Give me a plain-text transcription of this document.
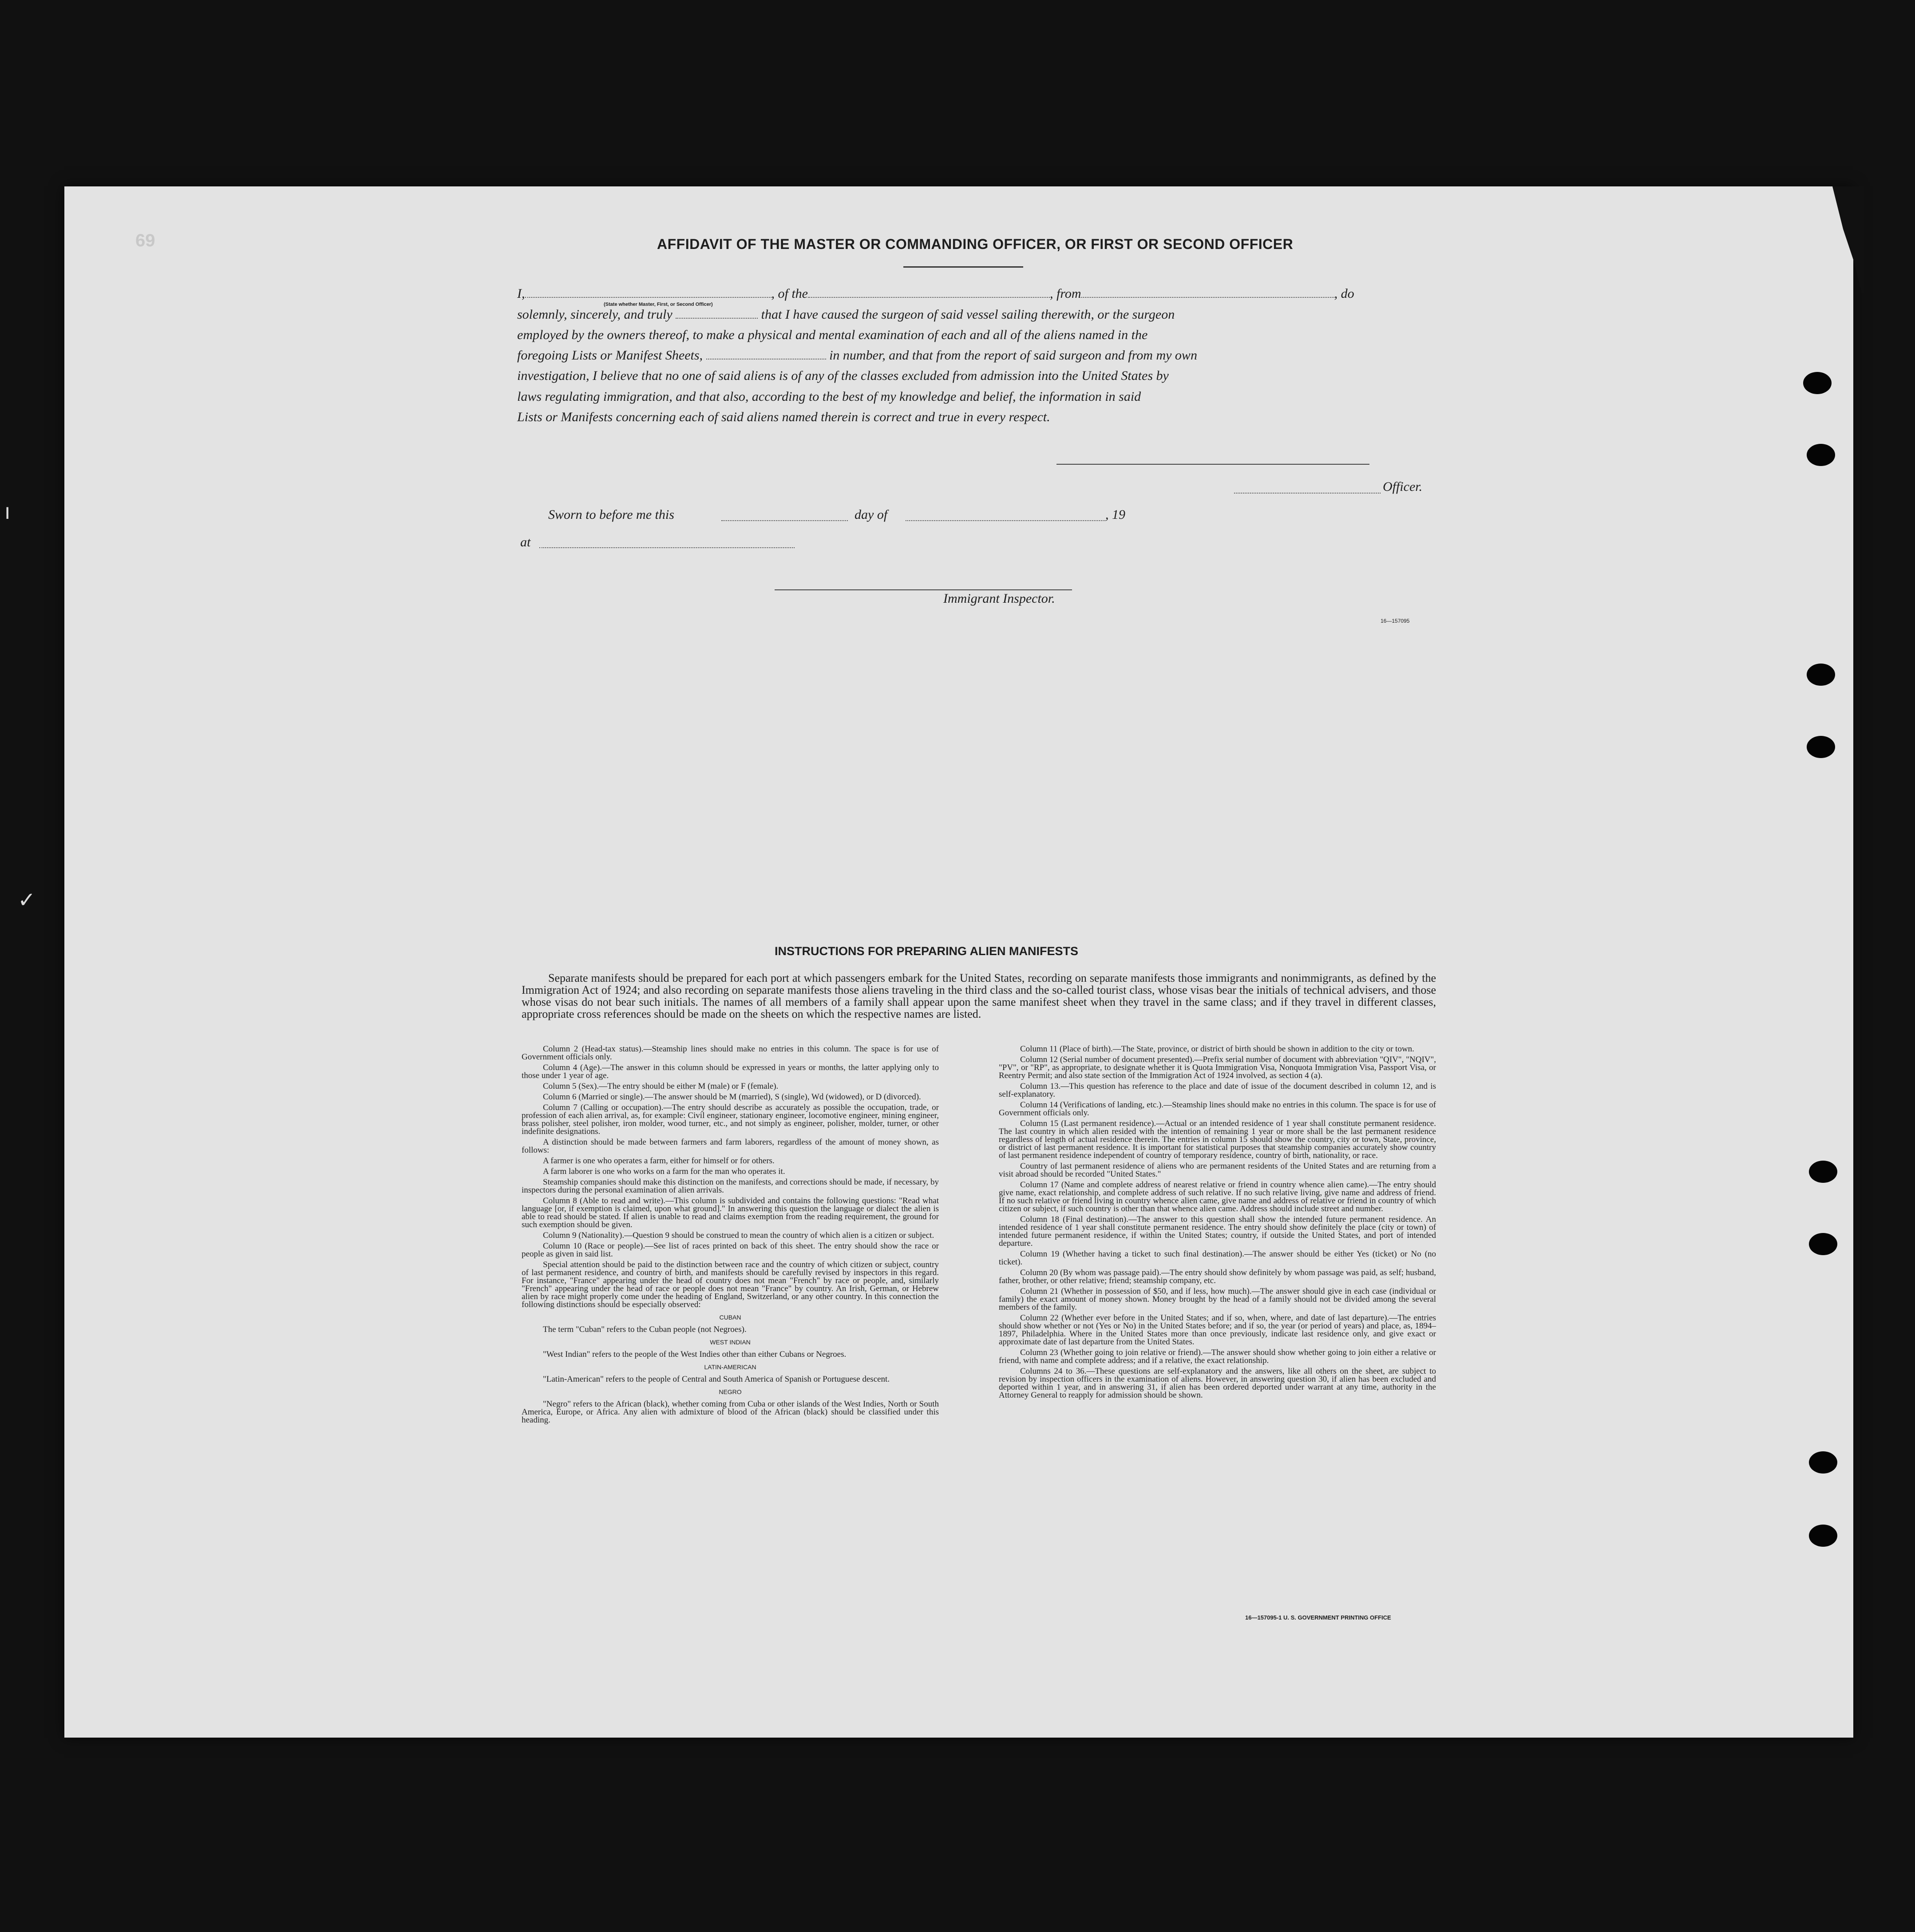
69
ı
✓
AFFIDAVIT OF THE MASTER OR COMMANDING OFFICER, OR FIRST OR SECOND OFFICER
I,	, of the	, from	, do
(State whether Master, First, or Second Officer)
solemnly, sincerely, and truly	that I have caused the surgeon of said vessel sailing therewith, or the surgeon
employed by the owners thereof, to make a physical and mental examination of each and all of the aliens named in the
foregoing Lists or Manifest Sheets,	in number, and that from the report of said surgeon and from my own
investigation, I believe that no one of said aliens is of any of the classes excluded from admission into the United States by
laws regulating immigration, and that also, according to the best of my knowledge and belief, the information in said
Lists or Manifests concerning each of said aliens named therein is correct and true in every respect.
Officer.
Sworn to before me this	day of	, 19
at
Immigrant Inspector.
16—157095
INSTRUCTIONS FOR PREPARING ALIEN MANIFESTS

Separate manifests should be prepared for each port at which passengers embark for the United States, recording on separate manifests those immigrants and nonimmigrants, as defined by the Immigration Act of 1924; and also recording on separate manifests those aliens traveling in the third class and the so-called tourist class, whose visas bear the initials of technical advisers, and those whose visas do not bear such initials. The names of all members of a family shall appear upon the same manifest sheet when they travel in the same class; and if they travel in different classes, appropriate cross references should be made on the sheets on which the respective names are listed.

Column 2 (Head-tax status).—Steamship lines should make no entries in this column. The space is for use of Government officials only.

Column 4 (Age).—The answer in this column should be expressed in years or months, the latter applying only to those under 1 year of age.

Column 5 (Sex).—The entry should be either M (male) or F (female).

Column 6 (Married or single).—The answer should be M (married), S (single), Wd (widowed), or D (divorced).

Column 7 (Calling or occupation).—The entry should describe as accurately as possible the occupation, trade, or profession of each alien arrival, as, for example: Civil engineer, stationary engineer, locomotive engineer, mining engineer, brass polisher, steel polisher, iron molder, wood turner, etc., and not simply as engineer, polisher, molder, turner, or other indefinite designations.

A distinction should be made between farmers and farm laborers, regardless of the amount of money shown, as follows:

A farmer is one who operates a farm, either for himself or for others.

A farm laborer is one who works on a farm for the man who operates it.

Steamship companies should make this distinction on the manifests, and corrections should be made, if necessary, by inspectors during the personal examination of alien arrivals.

Column 8 (Able to read and write).—This column is subdivided and contains the following questions: "Read what language [or, if exemption is claimed, upon what ground]." In answering this question the language or dialect the alien is able to read should be stated. If alien is unable to read and claims exemption from the reading requirement, the ground for such exemption should be given.

Column 9 (Nationality).—Question 9 should be construed to mean the country of which alien is a citizen or subject.

Column 10 (Race or people).—See list of races printed on back of this sheet. The entry should show the race or people as given in said list.

Special attention should be paid to the distinction between race and the country of which citizen or subject, country of last permanent residence, and country of birth, and manifests should be carefully revised by inspectors in this regard. For instance, "France" appearing under the head of country does not mean "French" by race or people, and, similarly "French" appearing under the head of race or people does not mean "France" by country. An Irish, German, or Hebrew alien by race might properly come under the heading of England, Switzerland, or any other country. In this connection the following distinctions should be especially observed:

CUBAN

The term "Cuban" refers to the Cuban people (not Negroes).

WEST INDIAN

"West Indian" refers to the people of the West Indies other than either Cubans or Negroes.

LATIN-AMERICAN

"Latin-American" refers to the people of Central and South America of Spanish or Portuguese descent.

NEGRO

"Negro" refers to the African (black), whether coming from Cuba or other islands of the West Indies, North or South America, Europe, or Africa. Any alien with admixture of blood of the African (black) should be classified under this heading.

Column 11 (Place of birth).—The State, province, or district of birth should be shown in addition to the city or town.

Column 12 (Serial number of document presented).—Prefix serial number of document with abbreviation "QIV", "NQIV", "PV", or "RP", as appropriate, to designate whether it is Quota Immigration Visa, Nonquota Immigration Visa, Passport Visa, or Reentry Permit; and also state section of the Immigration Act of 1924 involved, as section 4 (a).

Column 13.—This question has reference to the place and date of issue of the document described in column 12, and is self-explanatory.

Column 14 (Verifications of landing, etc.).—Steamship lines should make no entries in this column. The space is for use of Government officials only.

Column 15 (Last permanent residence).—Actual or an intended residence of 1 year shall constitute permanent residence. The last country in which alien resided with the intention of remaining 1 year or more shall be the last permanent residence regardless of length of actual residence therein. The entries in column 15 should show the country, city or town, State, province, or district of last permanent residence. It is important for statistical purposes that steamship companies accurately show country of last permanent residence independent of country of temporary residence, country of birth, nationality, or race.

Country of last permanent residence of aliens who are permanent residents of the United States and are returning from a visit abroad should be recorded "United States."

Column 17 (Name and complete address of nearest relative or friend in country whence alien came).—The entry should give name, exact relationship, and complete address of such relative. If no such relative living, give name and address of friend. If no such relative or friend living in country whence alien came, give name and address of relative or friend in country of which citizen or subject, if such country is other than that whence alien came. Address should include street and number.

Column 18 (Final destination).—The answer to this question shall show the intended future permanent residence. An intended residence of 1 year shall constitute permanent residence. The entry should show definitely the place (city or town) of intended future permanent residence, if within the United States; country, if outside the United States, and port of intended departure.

Column 19 (Whether having a ticket to such final destination).—The answer should be either Yes (ticket) or No (no ticket).

Column 20 (By whom was passage paid).—The entry should show definitely by whom passage was paid, as self; husband, father, brother, or other relative; friend; steamship company, etc.

Column 21 (Whether in possession of $50, and if less, how much).—The answer should give in each case (individual or family) the exact amount of money shown. Money brought by the head of a family should not be divided among the several members of the family.

Column 22 (Whether ever before in the United States; and if so, when, where, and date of last departure).—The entries should show whether or not (Yes or No) in the United States before; and if so, the year (or period of years) and place, as, 1894–1897, Philadelphia. Where in the United States more than once previously, indicate last residence only, and give exact or approximate date of last departure from the United States.

Column 23 (Whether going to join relative or friend).—The answer should show whether going to join either a relative or friend, with name and complete address; and if a relative, the exact relationship.

Columns 24 to 36.—These questions are self-explanatory and the answers, like all others on the sheet, are subject to revision by inspection officers in the examination of aliens. However, in answering question 30, if alien has been excluded and deported within 1 year, and in answering 31, if alien has been ordered deported under warrant at any time, authority in the Attorney General to reapply for admission should be shown.

16—157095-1 U. S. GOVERNMENT PRINTING OFFICE
